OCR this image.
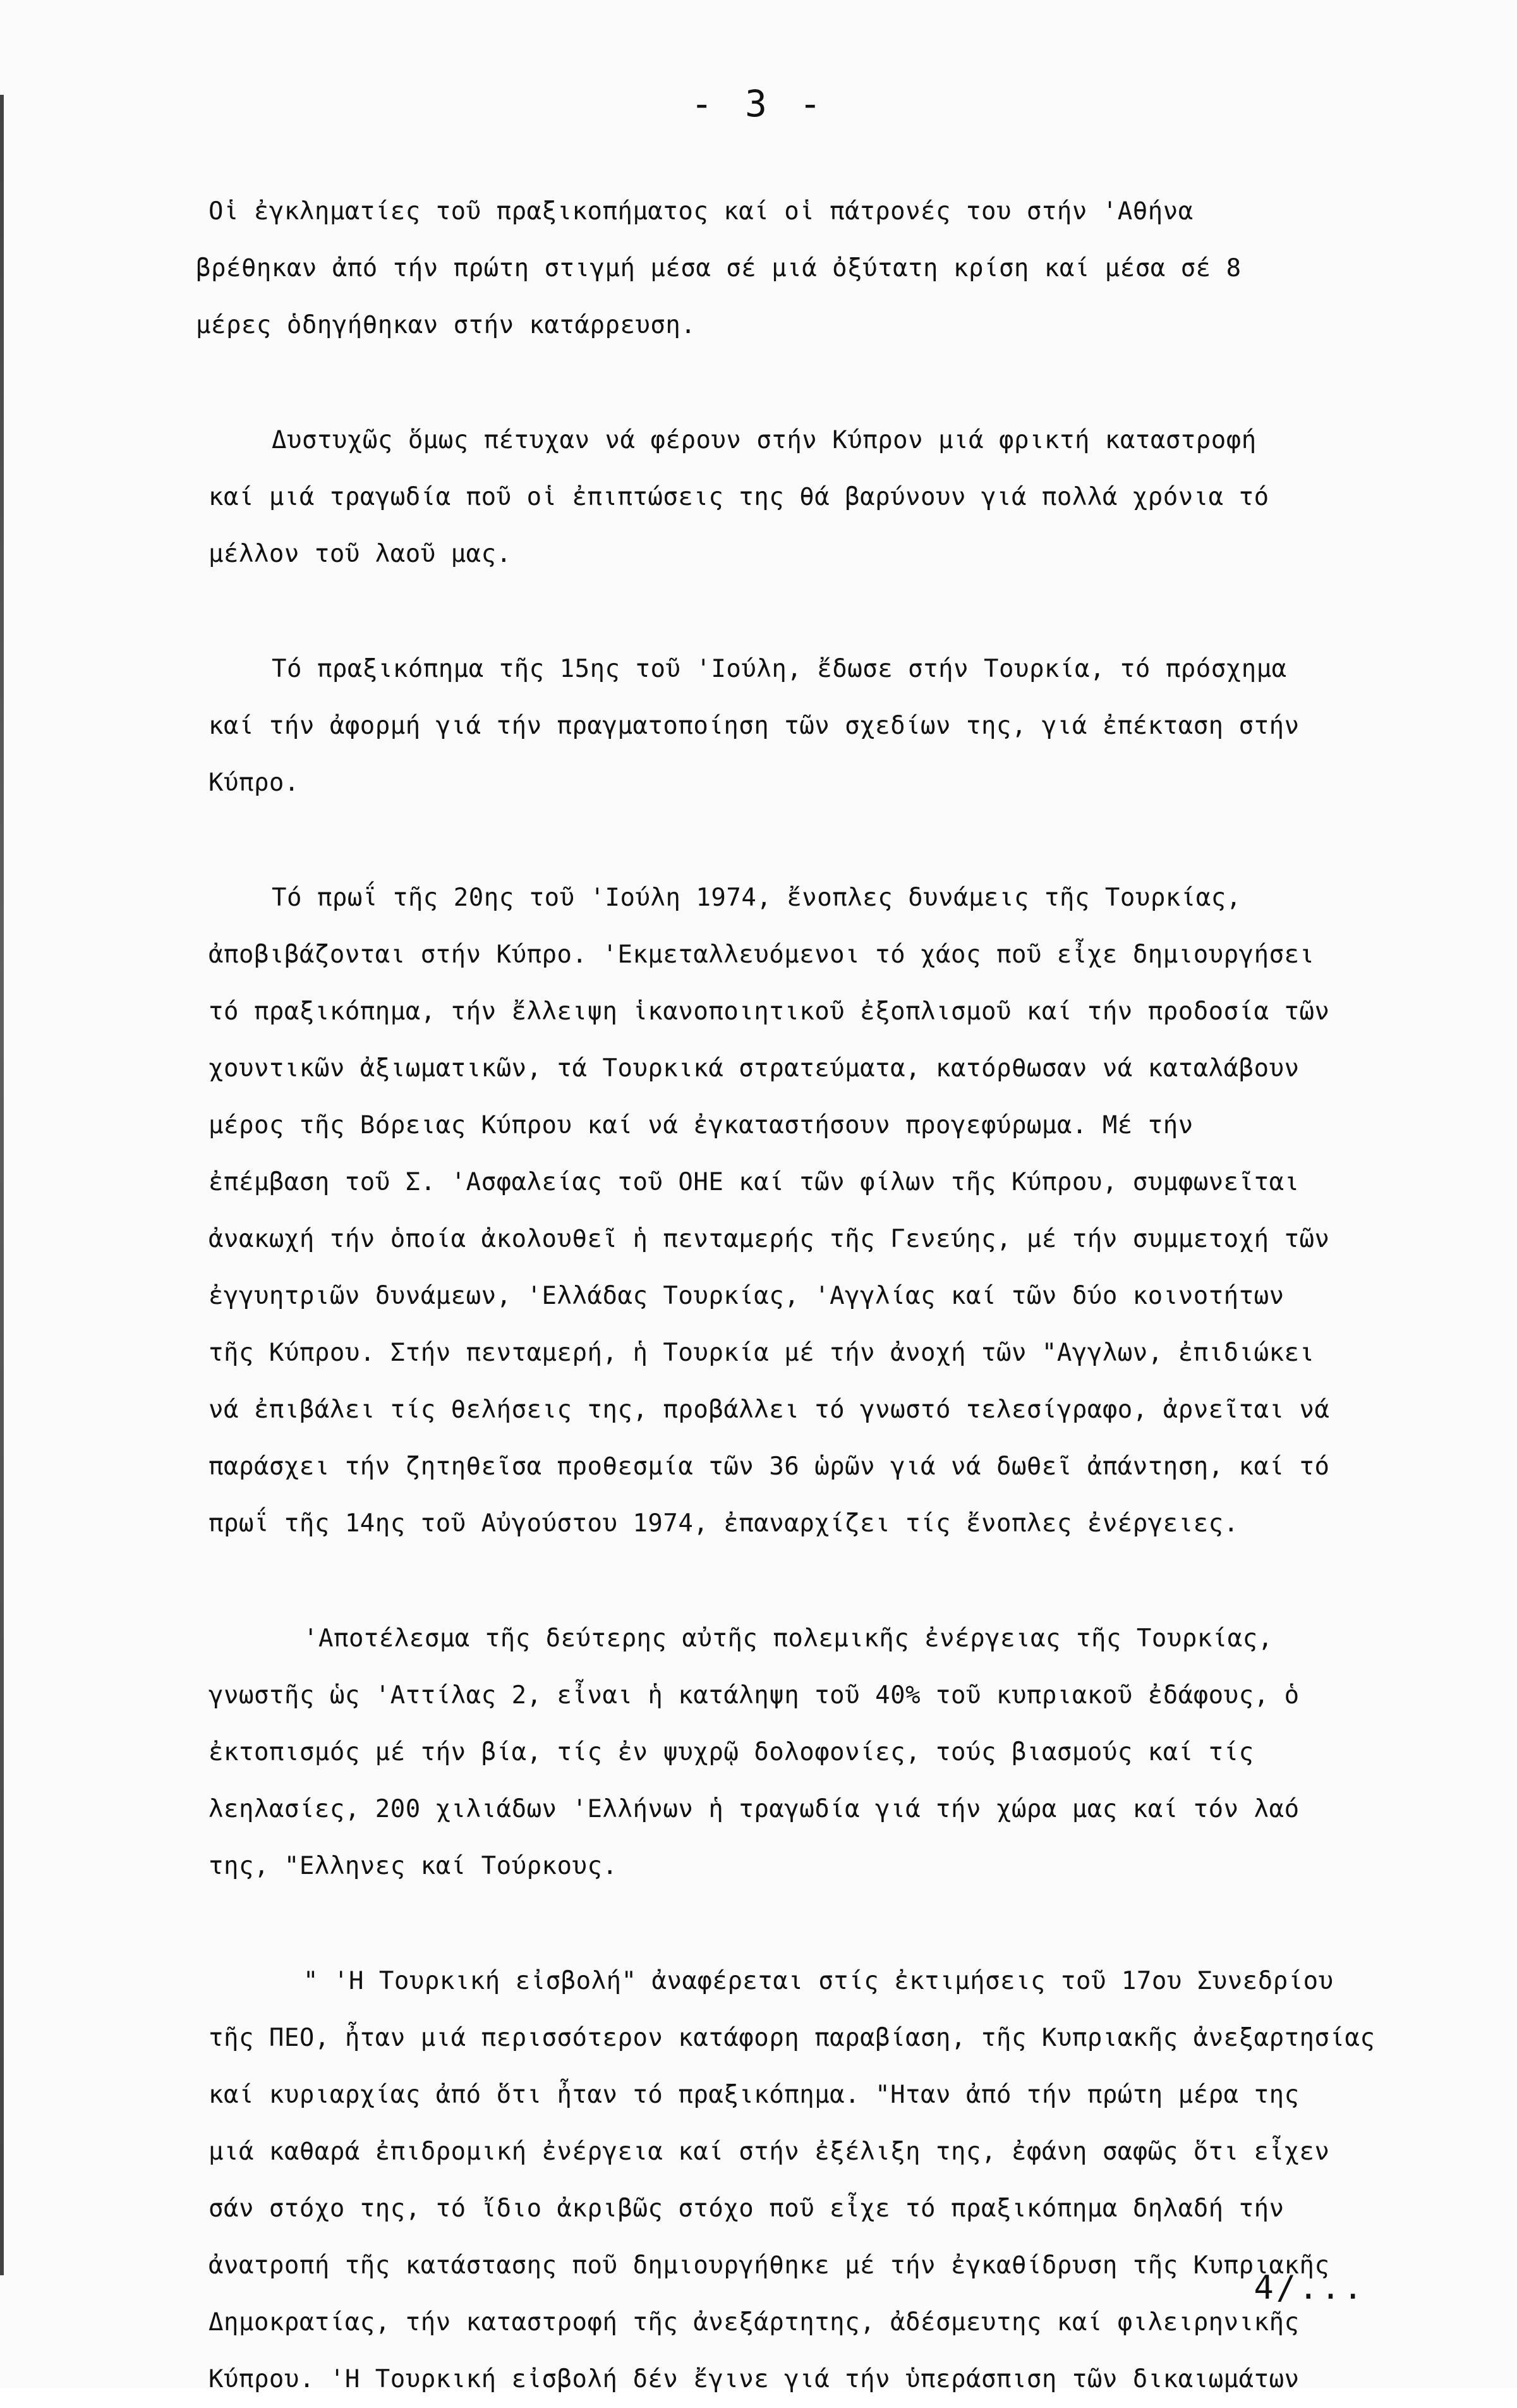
- 3 -
Οἱ ἐγκληματίες τοῦ πραξικοπήματος καί οἱ πάτρονές του στήν 'Αθήνα
βρέθηκαν ἀπό τήν πρώτη στιγμή μέσα σέ μιά ὀξύτατη κρίση καί μέσα σέ 8
μέρες ὁδηγήθηκαν στήν κατάρρευση.
Δυστυχῶς ὅμως πέτυχαν νά φέρουν στήν Κύπρον μιά φρικτή καταστροφή
καί μιά τραγωδία ποῦ οἱ ἐπιπτώσεις της θά βαρύνουν γιά πολλά χρόνια τό
μέλλον τοῦ λαοῦ μας.
Τό πραξικόπημα τῆς 15ης τοῦ 'Ιούλη, ἔδωσε στήν Τουρκία, τό πρόσχημα
καί τήν ἀφορμή γιά τήν πραγματοποίηση τῶν σχεδίων της, γιά ἐπέκταση στήν
Κύπρο.
Τό πρωΐ τῆς 20ης τοῦ 'Ιούλη 1974, ἔνοπλες δυνάμεις τῆς Τουρκίας,
ἀποβιβάζονται στήν Κύπρο. 'Εκμεταλλευόμενοι τό χάος ποῦ εἶχε δημιουργήσει
τό πραξικόπημα, τήν ἔλλειψη ἱκανοποιητικοῦ ἐξοπλισμοῦ καί τήν προδοσία τῶν
χουντικῶν ἀξιωματικῶν, τά Τουρκικά στρατεύματα, κατόρθωσαν νά καταλάβουν
μέρος τῆς Βόρειας Κύπρου καί νά ἐγκαταστήσουν προγεφύρωμα. Μέ τήν
ἐπέμβαση τοῦ Σ. 'Ασφαλείας τοῦ ΟΗΕ καί τῶν φίλων τῆς Κύπρου, συμφωνεῖται
ἀνακωχή τήν ὁποία ἀκολουθεῖ ἡ πενταμερής τῆς Γενεύης, μέ τήν συμμετοχή τῶν
ἐγγυητριῶν δυνάμεων, 'Ελλάδας Τουρκίας, 'Αγγλίας καί τῶν δύο κοινοτήτων
τῆς Κύπρου. Στήν πενταμερή, ἡ Τουρκία μέ τήν ἀνοχή τῶν "Αγγλων, ἐπιδιώκει
νά ἐπιβάλει τίς θελήσεις της, προβάλλει τό γνωστό τελεσίγραφο, ἀρνεῖται νά
παράσχει τήν ζητηθεῖσα προθεσμία τῶν 36 ὡρῶν γιά νά δωθεῖ ἀπάντηση, καί τό
πρωΐ τῆς 14ης τοῦ Αὐγούστου 1974, ἐπαναρχίζει τίς ἔνοπλες ἐνέργειες.
'Αποτέλεσμα τῆς δεύτερης αὐτῆς πολεμικῆς ἐνέργειας τῆς Τουρκίας,
γνωστῆς ὡς 'Αττίλας 2, εἶναι ἡ κατάληψη τοῦ 40% τοῦ κυπριακοῦ ἐδάφους, ὁ
ἐκτοπισμός μέ τήν βία, τίς ἐν ψυχρῷ δολοφονίες, τούς βιασμούς καί τίς
λεηλασίες, 200 χιλιάδων 'Ελλήνων ἡ τραγωδία γιά τήν χώρα μας καί τόν λαό
της, "Ελληνες καί Τούρκους.
" 'Η Τουρκική εἰσβολή" ἀναφέρεται στίς ἐκτιμήσεις τοῦ 17ου Συνεδρίου
τῆς ΠΕΟ, ἦταν μιά περισσότερον κατάφορη παραβίαση, τῆς Κυπριακῆς ἀνεξαρτησίας
καί κυριαρχίας ἀπό ὅτι ἦταν τό πραξικόπημα. "Ηταν ἀπό τήν πρώτη μέρα της
μιά καθαρά ἐπιδρομική ἐνέργεια καί στήν ἐξέλιξη της, ἐφάνη σαφῶς ὅτι εἶχεν
σάν στόχο της, τό ἴδιο ἀκριβῶς στόχο ποῦ εἶχε τό πραξικόπημα δηλαδή τήν
ἀνατροπή τῆς κατάστασης ποῦ δημιουργήθηκε μέ τήν ἐγκαθίδρυση τῆς Κυπριακῆς
Δημοκρατίας, τήν καταστροφή τῆς ἀνεξάρτητης, ἀδέσμευτης καί φιλειρηνικῆς
Κύπρου. 'Η Τουρκική εἰσβολή δέν ἔγινε γιά τήν ὑπεράσπιση τῶν δικαιωμάτων
4/...
